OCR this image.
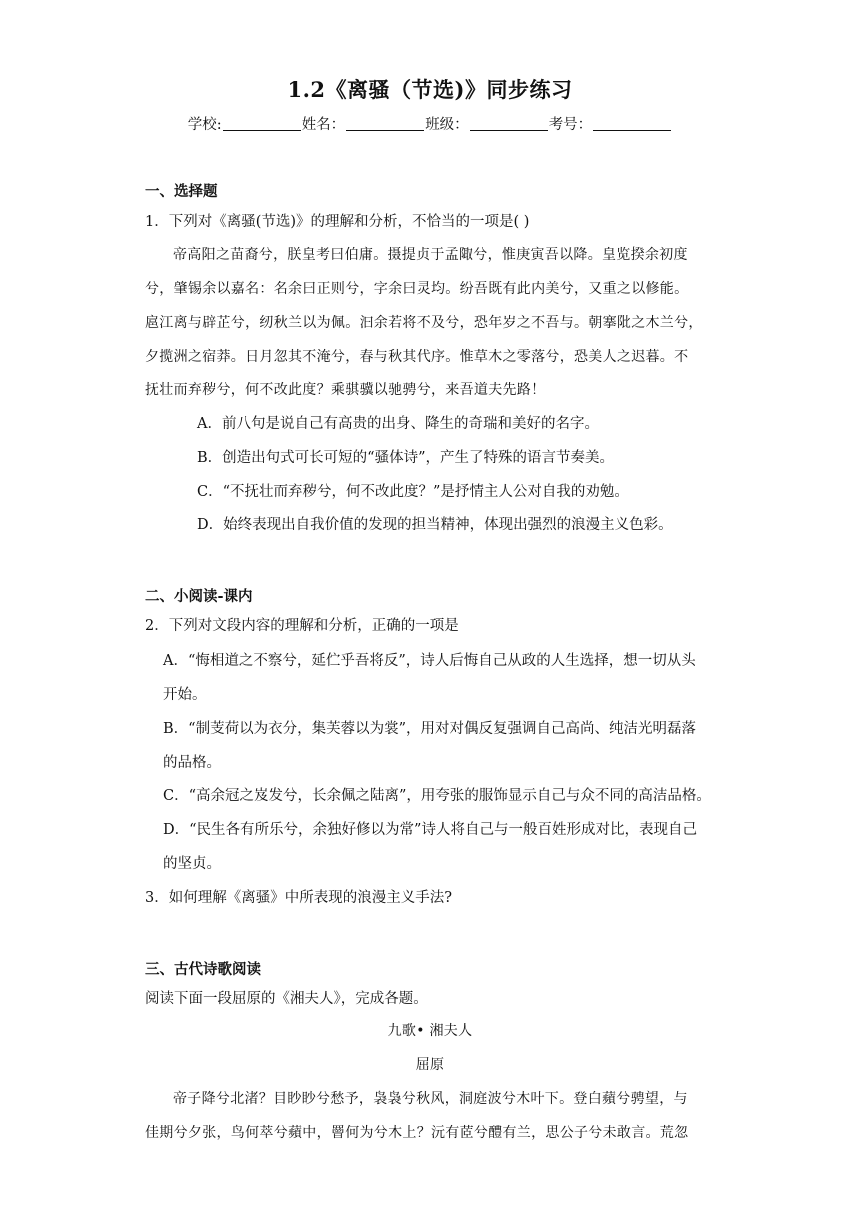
1.2《离骚（节选)》同步练习
学校:	姓名：	班级：	考号：
一、选择题
1．下列对《离骚(节选)》的理解和分析，不恰当的一项是( )
帝高阳之苗裔兮，朕皇考曰伯庸。摄提贞于孟陬兮，惟庚寅吾以降。皇览揆余初度
兮，肇锡余以嘉名：名余曰正则兮，字余曰灵均。纷吾既有此内美兮，又重之以修能。
扈江离与辟芷兮，纫秋兰以为佩。汩余若将不及兮，恐年岁之不吾与。朝搴阰之木兰兮，
夕揽洲之宿莽。日月忽其不淹兮，春与秋其代序。惟草木之零落兮，恐美人之迟暮。不
抚壮而弃秽兮，何不改此度？乘骐骥以驰骋兮，来吾道夫先路！
A．前八句是说自己有高贵的出身、降生的奇瑞和美好的名字。
B．创造出句式可长可短的“骚体诗”，产生了特殊的语言节奏美。
C．“不抚壮而弃秽兮，何不改此度？”是抒情主人公对自我的劝勉。
D．始终表现出自我价值的发现的担当精神，体现出强烈的浪漫主义色彩。
二、小阅读-课内
2．下列对文段内容的理解和分析，正确的一项是
A．“悔相道之不察兮，延伫乎吾将反”，诗人后悔自己从政的人生选择，想一切从头
开始。
B．“制芰荷以为衣分，集芙蓉以为裳”，用对对偶反复强调自己高尚、纯洁光明磊落
的品格。
C．“高余冠之岌发兮，长余佩之陆离”，用夸张的服饰显示自己与众不同的高洁品格。
D．“民生各有所乐兮，余独好修以为常”诗人将自己与一般百姓形成对比，表现自己
的坚贞。
3．如何理解《离骚》中所表现的浪漫主义手法?
三、古代诗歌阅读
阅读下面一段屈原的《湘夫人》，完成各题。
九歌• 湘夫人
屈原
帝子降兮北渚？目眇眇兮愁予，袅袅兮秋风，洞庭波兮木叶下。登白蘋兮骋望，与
佳期兮夕张，鸟何萃兮蘋中，罾何为兮木上？沅有茝兮醴有兰，思公子兮未敢言。荒忽
